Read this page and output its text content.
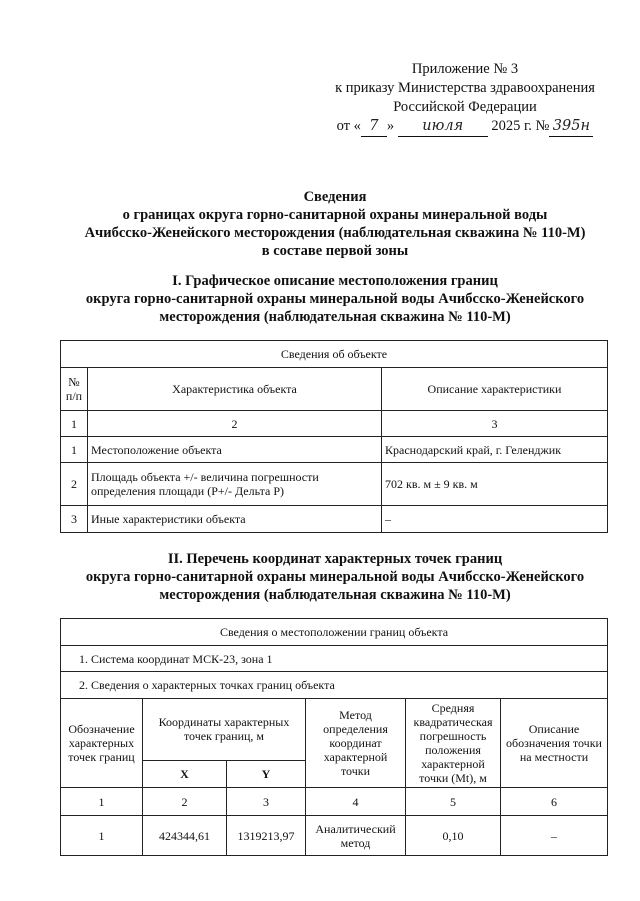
Приложение № 3
к приказу Министерства здравоохранения
Российской Федерации
от « 7 » июля 2025 г. № 395н
Сведения
о границах округа горно-санитарной охраны минеральной воды
Ачибсско-Женейского месторождения (наблюдательная скважина № 110-М)
в составе первой зоны
I. Графическое описание местоположения границ
округа горно-санитарной охраны минеральной воды Ачибсско-Женейского
месторождения (наблюдательная скважина № 110-М)
Сведения об объекте		
№ п/п	Характеристика объекта	Описание характеристики
1	2	3
1	Местоположение объекта	Краснодарский край, г. Геленджик
2	Площадь объекта +/- величина погрешности определения площади (Р+/- Дельта Р)	702 кв. м ± 9 кв. м
3	Иные характеристики объекта	–
II. Перечень координат характерных точек границ
округа горно-санитарной охраны минеральной воды Ачибсско-Женейского
месторождения (наблюдательная скважина № 110-М)
Сведения о местоположении границ объекта					
1. Система координат МСК-23, зона 1					
2. Сведения о характерных точках границ объекта					
Обозначение характерных точек границ	Координаты характерных точек границ, м		Метод определения координат характерной точки	Средняя квадратическая погрешность положения характерной точки (Mt), м	Описание обозначения точки на местности
	X	Y			
1	2	3	4	5	6
1	424344,61	1319213,97	Аналитический метод	0,10	–
